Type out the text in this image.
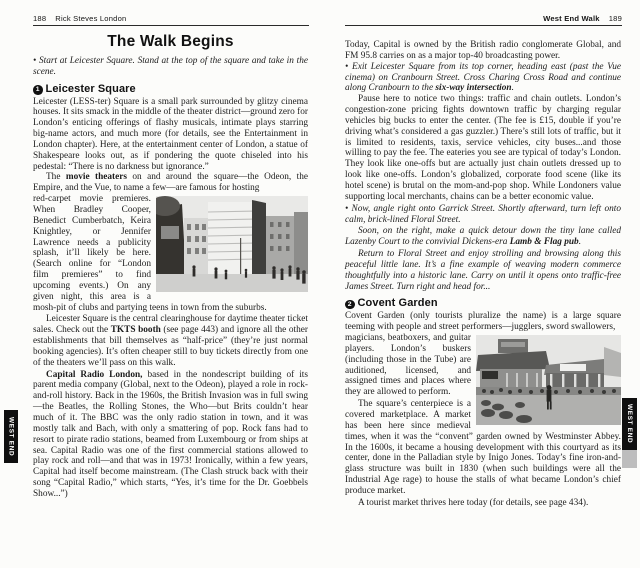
188 Rick Steves London
The Walk Begins

• Start at Leicester Square. Stand at the top of the square and take in the scene.

1 Leicester Square

Leicester (LESS-ter) Square is a small park surrounded by glitzy cinema houses. It sits smack in the middle of the theater district—ground zero for London’s enticing offerings of flashy musicals, intimate plays starring big-name actors, and much more (for details, see the Entertainment in London chapter). Here, at the entertainment center of London, a statue of Shakespeare looks out, as if pondering the quote chiseled into his pedestal: “There is no darkness but ignorance.”

The movie theaters on and around the square—the Odeon, the Empire, and the Vue, to name a few—are famous for hosting

red-carpet movie premieres. When Bradley Cooper, Benedict Cumberbatch, Keira Knightley, or Jennifer Lawrence needs a publicity splash, it’ll likely be here. (Search online for “London film premieres” to find upcoming events.) On any given night, this area is a mosh-pit of clubs and partying teens in town from the suburbs.

Leicester Square is the central clearinghouse for daytime theater ticket sales. Check out the TKTS booth (see page 443) and ignore all the other establishments that bill themselves as “half-price” (they’re just normal booking agencies). It’s often cheaper still to buy tickets directly from one of the theaters we’ll pass on this walk.

Capital Radio London, based in the nondescript building of its parent media company (Global, next to the Odeon), played a role in rock-and-roll history. Back in the 1960s, the British Invasion was in full swing—the Beatles, the Rolling Stones, the Who—but Brits couldn’t hear much of it. The BBC was the only radio station in town, and it was mostly talk and Bach, with only a smattering of pop. Rock fans had to resort to pirate radio stations, beamed from Luxembourg or from ships at sea. Capital Radio was one of the first commercial stations allowed to play rock and roll—and that was in 1973! Ironically, within a few years, Capital had itself become mainstream. (The Clash struck back with their song “Capital Radio,” which starts, “Yes, it’s time for the Dr. Goebbels Show...”)

WEST END
West End Walk 189

Today, Capital is owned by the British radio conglomerate Global, and FM 95.8 carries on as a major top-40 broadcasting power.

• Exit Leicester Square from its top corner, heading east (past the Vue cinema) on Cranbourn Street. Cross Charing Cross Road and continue along Cranbourn to the six-way intersection.

Pause here to notice two things: traffic and chain outlets. London’s congestion-zone pricing fights downtown traffic by charging regular vehicles big bucks to enter the center. (The fee is £15, double if you’re driving what’s considered a gas guzzler.) There’s still lots of traffic, but it is limited to residents, taxis, service vehicles, city buses...and those willing to pay the fee. The eateries you see are typical of today’s London. They look like one-offs but are actually just chain outlets dressed up to look like one-offs. London’s globalized, corporate food scene (like its hotel scene) is brutal on the mom-and-pop shop. While Londoners value supporting local merchants, chains can be a better economic value.

• Now, angle right onto Garrick Street. Shortly afterward, turn left onto calm, brick-lined Floral Street.

Soon, on the right, make a quick detour down the tiny lane called Lazenby Court to the convivial Dickens-era Lamb & Flag pub.

Return to Floral Street and enjoy strolling and browsing along this peaceful little lane. It’s a fine example of weaving modern commerce thoughtfully into a historic lane. Carry on until it opens onto traffic-free James Street. Turn right and head for...

2 Covent Garden

Covent Garden (only tourists pluralize the name) is a large square teeming with people and street performers—jugglers, sword swallowers,

magicians, beatboxers, and guitar players. London’s buskers (including those in the Tube) are auditioned, licensed, and assigned times and places where they are allowed to perform.

The square’s centerpiece is a covered marketplace. A market has been here since medieval times, when it was the “convent” garden owned by Westminster Abbey. In the 1600s, it became a housing development with this courtyard as its center, done in the Palladian style by Inigo Jones. Today’s fine iron-and-glass structure was built in 1830 (when such buildings were all the Industrial Age rage) to house the stalls of what became London’s chief produce market.

A tourist market thrives here today (for details, see page 434).

WEST END
